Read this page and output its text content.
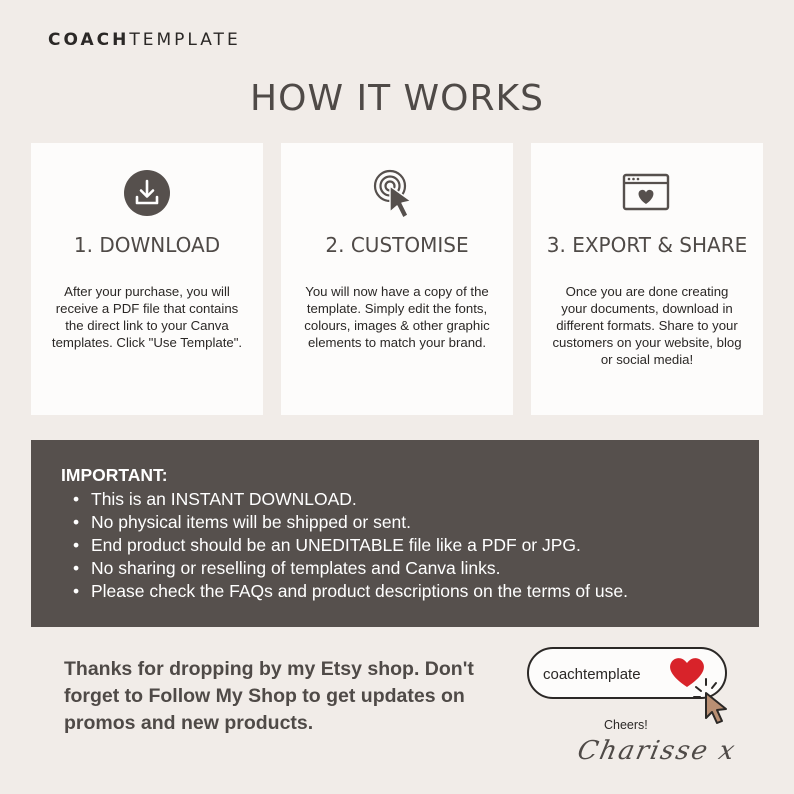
COACHTEMPLATE
HOW IT WORKS
1. DOWNLOAD
After your purchase, you will receive a PDF file that contains the direct link to your Canva templates. Click "Use Template".
2. CUSTOMISE
You will now have a copy of the template. Simply edit the fonts, colours, images & other graphic elements to match your brand.
3. EXPORT & SHARE
Once you are done creating your documents, download in different formats. Share to your customers on your website, blog or social media!
IMPORTANT:
• This is an INSTANT DOWNLOAD.
• No physical items will be shipped or sent.
• End product should be an UNEDITABLE file like a PDF or JPG.
• No sharing or reselling of templates and Canva links.
• Please check the FAQs and product descriptions on the terms of use.
Thanks for dropping by my Etsy shop. Don't forget to Follow My Shop to get updates on promos and new products.
coachtemplate
Cheers!
Charisse x
